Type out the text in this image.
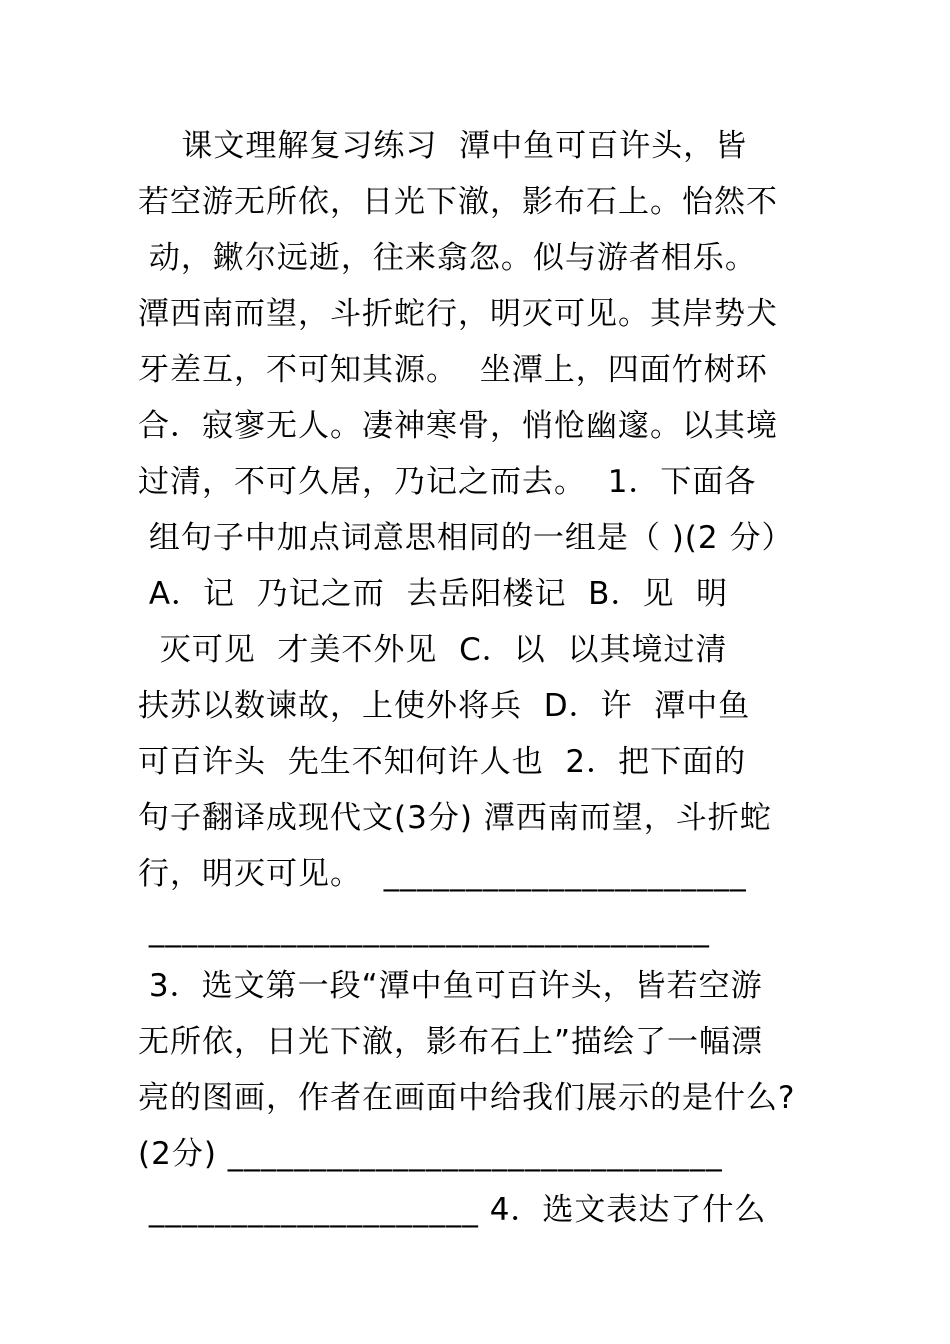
课文理解复习练习  潭中鱼可百许头，皆
若空游无所依，日光下澈，影布石上。怡然不
动，鏉尔远逝，往来翕忽。似与游者相乐。
潭西南而望，斗折蛇行，明灭可见。其岸势犬
牙差互，不可知其源。  坐潭上，四面竹树环
合．寂寥无人。凄神寒骨，悄怆幽邃。以其境
过清，不可久居，乃记之而去。  1．下面各
组句子中加点词意思相同的一组是（ )(2 分）
A．记  乃记之而  去岳阳楼记  B．见  明
灭可见  才美不外见  C．以  以其境过清
扶苏以数谏故，上使外将兵  D．许  潭中鱼
可百许头  先生不知何许人也  2．把下面的
句子翻译成现代文(3分) 潭西南而望，斗折蛇
行，明灭可见。  ______________________
__________________________________
3．选文第一段“潭中鱼可百许头，皆若空游
无所依，日光下澈，影布石上”描绘了一幅漂
亮的图画，作者在画面中给我们展示的是什么?
(2分) ______________________________
____________________ 4．选文表达了什么
